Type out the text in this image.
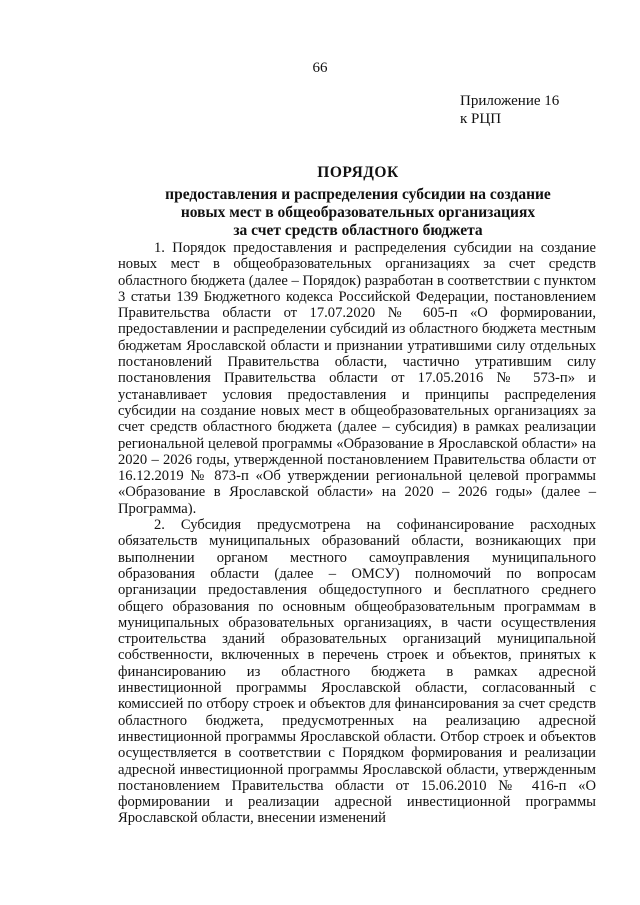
66
Приложение 16
к РЦП
ПОРЯДОК
предоставления и распределения субсидии на создание
новых мест в общеобразовательных организациях
за счет средств областного бюджета

1. Порядок предоставления и распределения субсидии на создание новых мест в общеобразовательных организациях за счет средств областного бюджета (далее – Порядок) разработан в соответствии с пунктом 3 статьи 139 Бюджетного кодекса Российской Федерации, постановлением Правительства области от 17.07.2020 № 605-п «О формировании, предоставлении и распределении субсидий из областного бюджета местным бюджетам Ярославской области и признании утратившими силу отдельных постановлений Правительства области, частично утратившим силу постановления Правительства области от 17.05.2016 № 573-п» и устанавливает условия предоставления и принципы распределения субсидии на создание новых мест в общеобразовательных организациях за счет средств областного бюджета (далее – субсидия) в рамках реализации региональной целевой программы «Образование в Ярославской области» на 2020 – 2026 годы, утвержденной постановлением Правительства области от 16.12.2019 № 873-п «Об утверждении региональной целевой программы «Образование в Ярославской области» на 2020 – 2026 годы» (далее – Программа).

2. Субсидия предусмотрена на софинансирование расходных обязательств муниципальных образований области, возникающих при выполнении органом местного самоуправления муниципального образования области (далее – ОМСУ) полномочий по вопросам организации предоставления общедоступного и бесплатного среднего общего образования по основным общеобразовательным программам в муниципальных образовательных организациях, в части осуществления строительства зданий образовательных организаций муниципальной собственности, включенных в перечень строек и объектов, принятых к финансированию из областного бюджета в рамках адресной инвестиционной программы Ярославской области, согласованный с комиссией по отбору строек и объектов для финансирования за счет средств областного бюджета, предусмотренных на реализацию адресной инвестиционной программы Ярославской области. Отбор строек и объектов осуществляется в соответствии с Порядком формирования и реализации адресной инвестиционной программы Ярославской области, утвержденным постановлением Правительства области от 15.06.2010 № 416-п «О формировании и реализации адресной инвестиционной программы Ярославской области, внесении изменений
